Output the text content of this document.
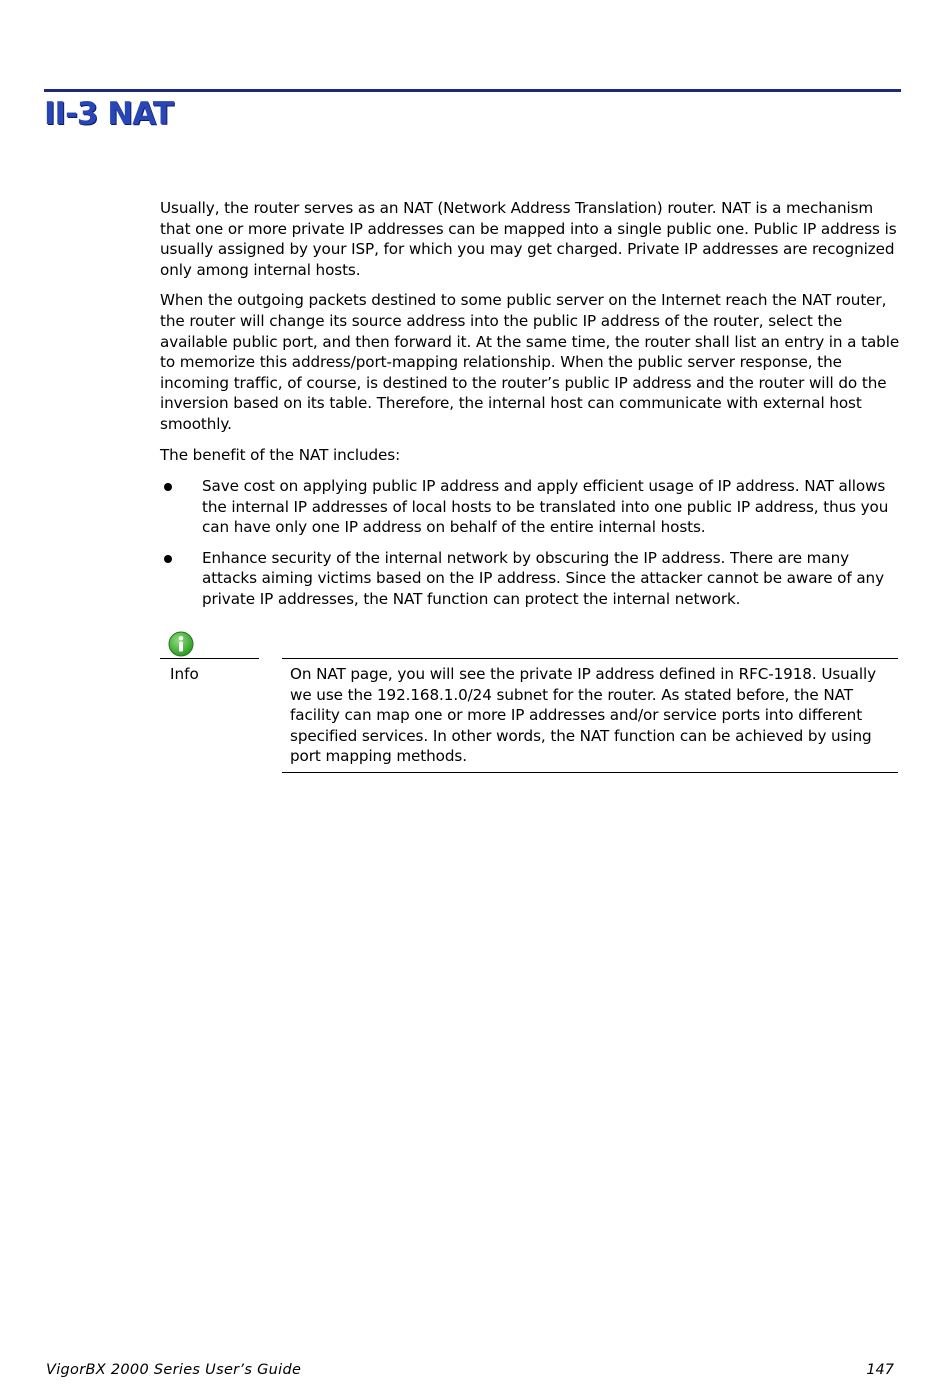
II-3 NAT

Usually, the router serves as an NAT (Network Address Translation) router. NAT is a mechanism that one or more private IP addresses can be mapped into a single public one. Public IP address is usually assigned by your ISP, for which you may get charged. Private IP addresses are recognized only among internal hosts.

When the outgoing packets destined to some public server on the Internet reach the NAT router, the router will change its source address into the public IP address of the router, select the available public port, and then forward it. At the same time, the router shall list an entry in a table to memorize this address/port-mapping relationship. When the public server response, the incoming traffic, of course, is destined to the router’s public IP address and the router will do the inversion based on its table. Therefore, the internal host can communicate with external host smoothly.

The benefit of the NAT includes:

Save cost on applying public IP address and apply efficient usage of IP address. NAT allows the internal IP addresses of local hosts to be translated into one public IP address, thus you can have only one IP address on behalf of the entire internal hosts.
Enhance security of the internal network by obscuring the IP address. There are many attacks aiming victims based on the IP address. Since the attacker cannot be aware of any private IP addresses, the NAT function can protect the internal network.
Info	On NAT page, you will see the private IP address defined in RFC-1918. Usually we use the 192.168.1.0/24 subnet for the router. As stated before, the NAT facility can map one or more IP addresses and/or service ports into different specified services. In other words, the NAT function can be achieved by using port mapping methods.
VigorBX 2000 Series User’s Guide	147
